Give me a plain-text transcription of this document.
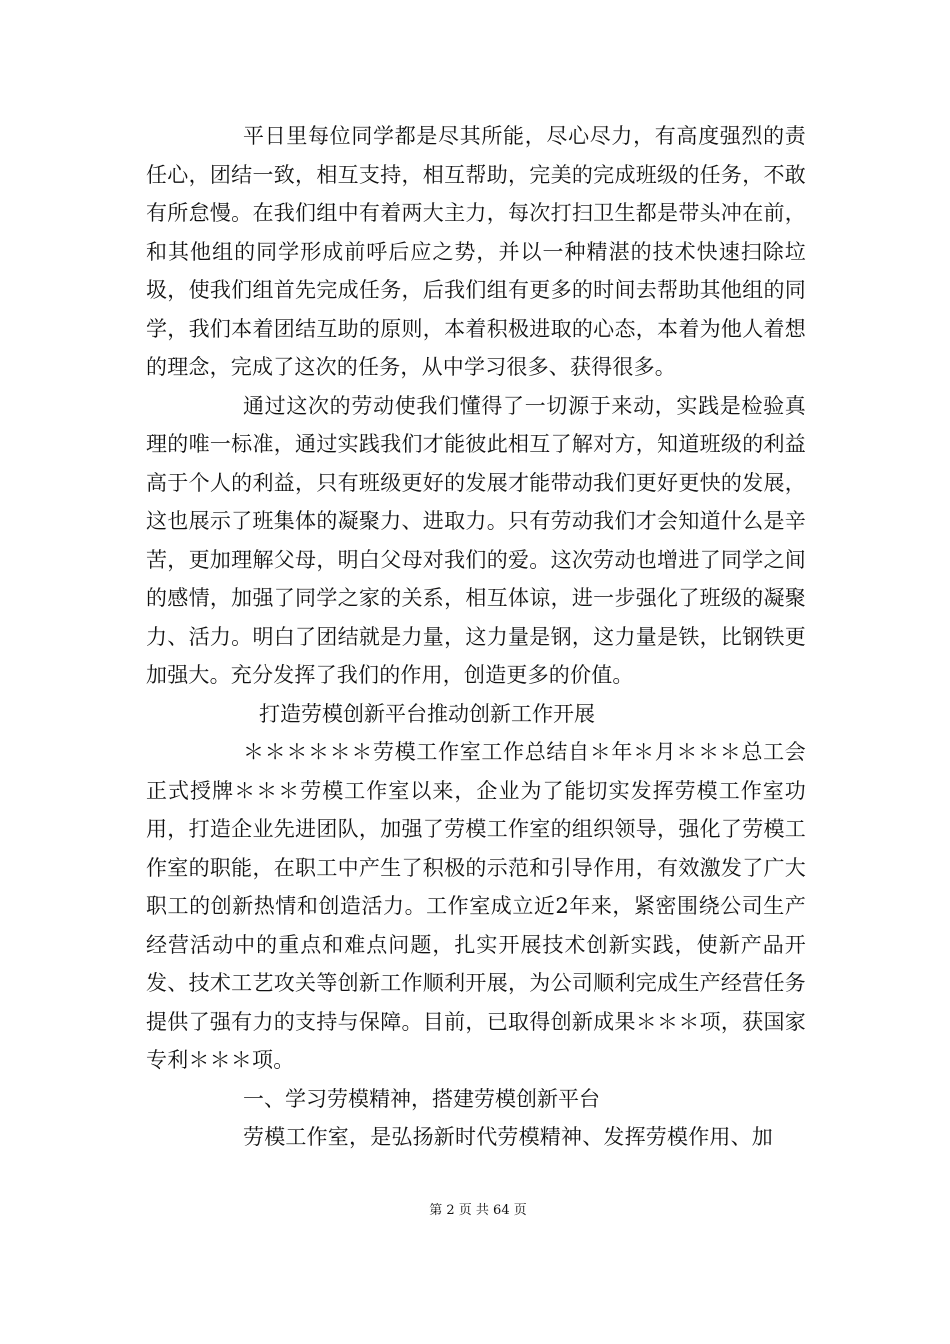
平日里每位同学都是尽其所能，尽心尽力，有高度强烈的责任心，团结一致，相互支持，相互帮助，完美的完成班级的任务，不敢有所怠慢。在我们组中有着两大主力，每次打扫卫生都是带头冲在前，和其他组的同学形成前呼后应之势，并以一种精湛的技术快速扫除垃圾，使我们组首先完成任务，后我们组有更多的时间去帮助其他组的同学，我们本着团结互助的原则，本着积极进取的心态，本着为他人着想的理念，完成了这次的任务，从中学习很多、获得很多。

通过这次的劳动使我们懂得了一切源于来动，实践是检验真理的唯一标准，通过实践我们才能彼此相互了解对方，知道班级的利益高于个人的利益，只有班级更好的发展才能带动我们更好更快的发展，这也展示了班集体的凝聚力、进取力。只有劳动我们才会知道什么是辛苦，更加理解父母，明白父母对我们的爱。这次劳动也增进了同学之间的感情，加强了同学之家的关系，相互体谅，进一步强化了班级的凝聚力、活力。明白了团结就是力量，这力量是钢，这力量是铁，比钢铁更加强大。充分发挥了我们的作用，创造更多的价值。

打造劳模创新平台推动创新工作开展

＊＊＊＊＊＊劳模工作室工作总结自＊年＊月＊＊＊总工会正式授牌＊＊＊劳模工作室以来，企业为了能切实发挥劳模工作室功用，打造企业先进团队，加强了劳模工作室的组织领导，强化了劳模工作室的职能，在职工中产生了积极的示范和引导作用，有效激发了广大职工的创新热情和创造活力。工作室成立近2年来，紧密围绕公司生产经营活动中的重点和难点问题，扎实开展技术创新实践，使新产品开发、技术工艺攻关等创新工作顺利开展，为公司顺利完成生产经营任务提供了强有力的支持与保障。目前，已取得创新成果＊＊＊项，获国家专利＊＊＊项。

一、学习劳模精神，搭建劳模创新平台

劳模工作室，是弘扬新时代劳模精神、发挥劳模作用、加

第 2 页 共 64 页
